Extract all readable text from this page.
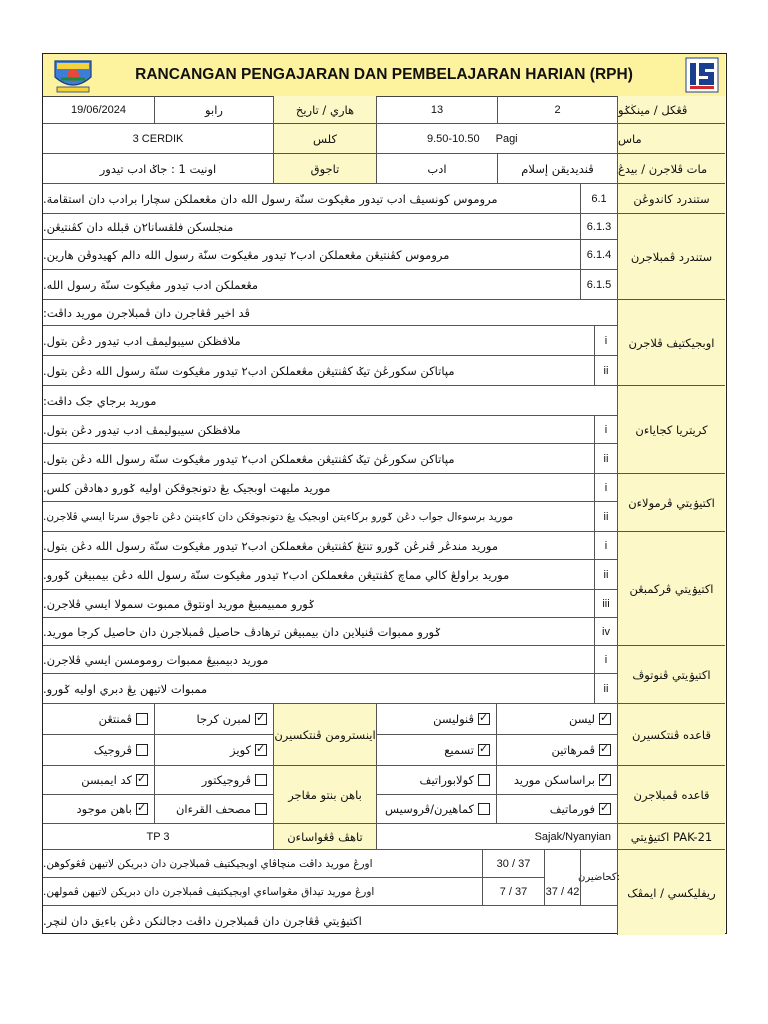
RANCANGAN PENGAJARAN DAN PEMBELAJARAN HARIAN (RPH)
ڤڠکل / مينڬݢو
2
13
هاري / تاريخ
رابو
19/06/2024
ماس
9.50-10.50 Pagi
کلس
3 CERDIK
مات ڤلاجرن / بيدڠ
ڤنديديقن إسلام
ادب
تاجوق
اونيت 1 : جاݢ ادب تيدور
ستندرد کاندوڠن
6.1
مروموس کونسيڤ ادب تيدور مڠيکوت سنّة رسول الله دان مڠعملکن سچارا برادب دان استقامة.
ستندرد ڤمبلاجرن
6.1.3
منجلسکن فلقسانا٢ن قبلله دان کڤنتيڠن.
6.1.4
مروموس کڤنتيڠن مڠعملکن ادب٢ تيدور مڠيکوت سنّة رسول الله دالم کهيدوڤن هارين.
6.1.5
مڠعملکن ادب تيدور مڠيکوت سنّة رسول الله.
اوبجيکتيف ڤلاجرن
ڤد اخير ڤڠاجرن دان ڤمبلاجرن موريد داڤت:
i
ملافظکن سيبوليمڤ ادب تيدور دڠن بتول.
ii
مڽاتاکن سکورڠڽ تيݢ کڤنتيڠن مڠعملکن ادب٢ تيدور مڠيکوت سنّة رسول الله دڠن بتول.
کريتريا کجاياءن
موريد برجاي جک داڤت:
i
ملافظکن سيبوليمڤ ادب تيدور دڠن بتول.
ii
مڽاتاکن سکورڠڽ تيݢ کڤنتيڠن مڠعملکن ادب٢ تيدور مڠيکوت سنّة رسول الله دڠن بتول.
اکتيۏيتي ڤرمولاءن
i
موريد مليهت اوبجيک يڠ دتونجوقکن اوليه ݢورو دهادڤن کلس.
ii
موريد برسوءال جواب دڠن ݢورو برکاءيتن اوبجيک يڠ دتونجوقکن دان کاءيتنڽ دڠن تاجوق سرتا ايسي ڤلاجرن.
اکتيۏيتي ڤرکمبڠن
i
موريد مندڠر ڤنرڠن ݢورو تنتڠ کڤنتيڠن مڠعملکن ادب٢ تيدور مڠيکوت سنّة رسول الله دڠن بتول.
ii
موريد براولڠ کالي مماچ کڤنتيڠن مڠعملکن ادب٢ تيدور مڠيکوت سنّة رسول الله دڠن بيمبيڠن ݢورو.
iii
ݢورو ممبيمبيڠ موريد اونتوق ممبوت سمولا ايسي ڤلاجرن.
iv
ݢورو ممبوات ڤنيلاين دان بيمبيڠن ترهادڤ حاصيل ڤمبلاجرن دان حاصيل کرجا موريد.
اکتيۏيتي ڤنوتوڤ
i
موريد دبيمبيڠ ممبوات رومومسن ايسي ڤلاجرن.
ii
ممبوات لاتيهن يڠ دبري اوليه ݢورو.
قاعده ڤنتکسيرن
✓
ليسن
✓
ڤنوليسن
✓
ڤمرهاتين
✓
تسميع
اينسترومن ڤنتکسيرن
✓
لمبرن کرجا
ڤمنتڠن
✓
کويز
ڤروجيک
قاعده ڤمبلاجرن
✓
براساسکن موريد
کولابوراتيف
✓
فورماتيف
کماهيرن/ڤروسيس
باهن بنتو مڠاجر
ڤروجيکتور
✓
کد ايمبسن
مصحف القرءان
✓
باهن موجود
اکتيۏيتي PAK-21
Sajak/Nyanyian
تاهڤ ڤڠواساءن
TP 3
ريفليکسي / ايمڤک
کحاضيرن:
37 / 42
30 / 37
اورڠ موريد داڤت منچاڤاي اوبجيکتيف ڤمبلاجرن دان دبريکن لاتيهن ڤڠوکوهن.
7 / 37
اورڠ موريد تيداق مڠواساءي اوبجيکتيف ڤمبلاجرن دان دبريکن لاتيهن ڤمولهن.
اکتيۏيتي ڤڠاجرن دان ڤمبلاجرن داڤت دجالنکن دڠن باءيق دان لنچر.
